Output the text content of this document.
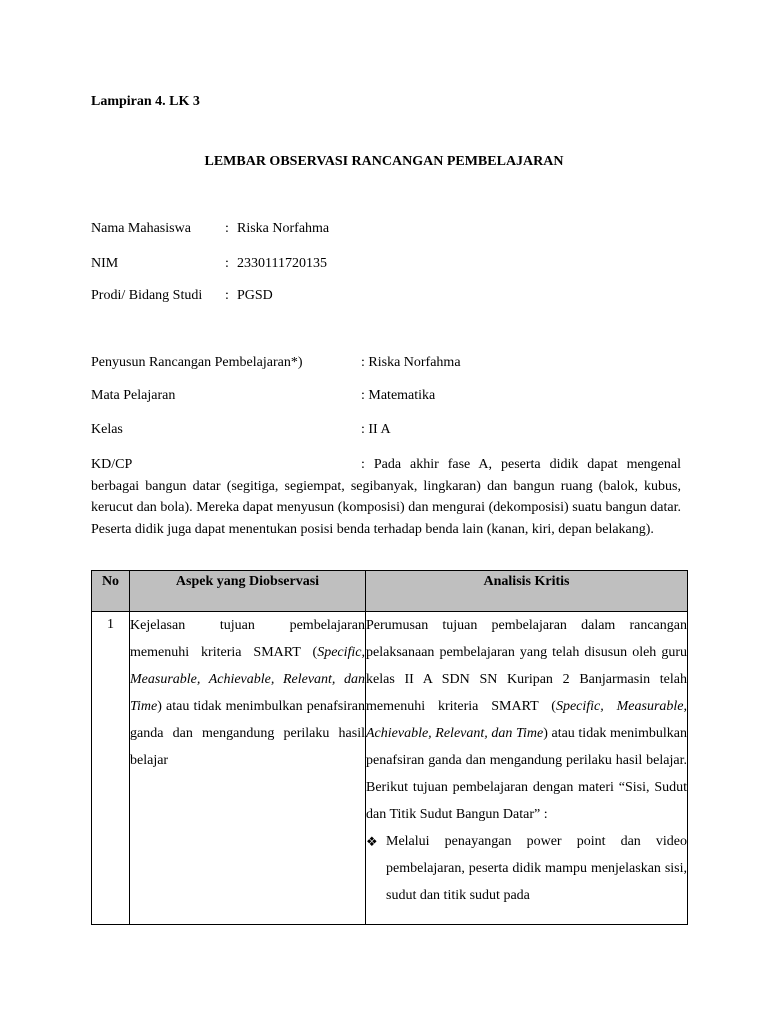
Lampiran 4. LK 3
LEMBAR OBSERVASI RANCANGAN PEMBELAJARAN
Nama Mahasiswa : Riska Norfahma
NIM	: 2330111720135
Prodi/ Bidang Studi : PGSD
Penyusun Rancangan Pembelajaran*)	: Riska Norfahma
Mata Pelajaran	: Matematika
Kelas	: II A
KD/CP	: Pada akhir fase A, peserta didik dapat mengenal berbagai bangun datar (segitiga, segiempat, segibanyak, lingkaran) dan bangun ruang (balok, kubus, kerucut dan bola). Mereka dapat menyusun (komposisi) dan mengurai (dekomposisi) suatu bangun datar. Peserta didik juga dapat menentukan posisi benda terhadap benda lain (kanan, kiri, depan belakang).
No	Aspek yang Diobservasi	Analisis Kritis
1	Kejelasan tujuan pembelajaran memenuhi kriteria SMART (Specific, Measurable, Achievable, Relevant, dan Time) atau tidak menimbulkan penafsiran ganda dan mengandung perilaku hasil belajar	Perumusan tujuan pembelajaran dalam rancangan pelaksanaan pembelajaran yang telah disusun oleh guru kelas II A SDN SN Kuripan 2 Banjarmasin telah memenuhi kriteria SMART (Specific, Measurable, Achievable, Relevant, dan Time) atau tidak menimbulkan penafsiran ganda dan mengandung perilaku hasil belajar. Berikut tujuan pembelajaran dengan materi “Sisi, Sudut dan Titik Sudut Bangun Datar” :
❖ Melalui penayangan power point dan video pembelajaran, peserta didik mampu menjelaskan sisi, sudut dan titik sudut pada
